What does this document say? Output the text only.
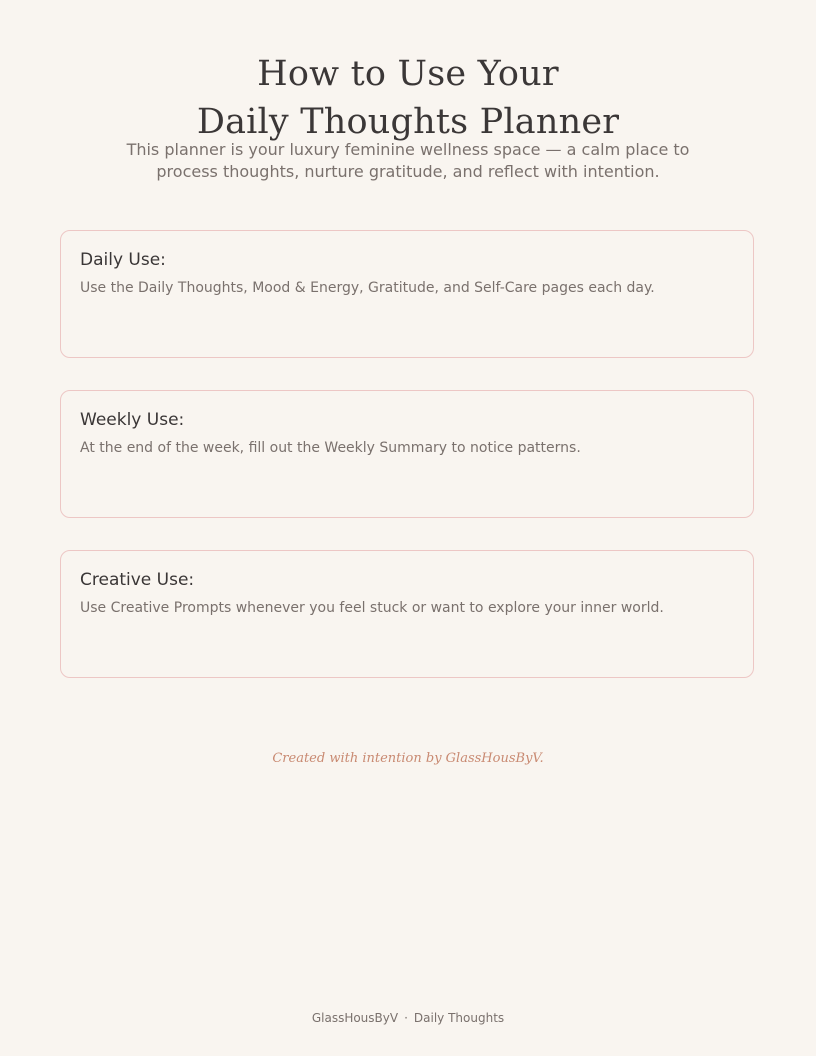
How to Use Your
Daily Thoughts Planner

This planner is your luxury feminine wellness space — a calm place to process thoughts, nurture gratitude, and reflect with intention.

Daily Use:
Use the Daily Thoughts, Mood & Energy, Gratitude, and Self-Care pages each day.
Weekly Use:
At the end of the week, fill out the Weekly Summary to notice patterns.
Creative Use:
Use Creative Prompts whenever you feel stuck or want to explore your inner world.
Created with intention by GlassHousByV.
GlassHousByV · Daily Thoughts
